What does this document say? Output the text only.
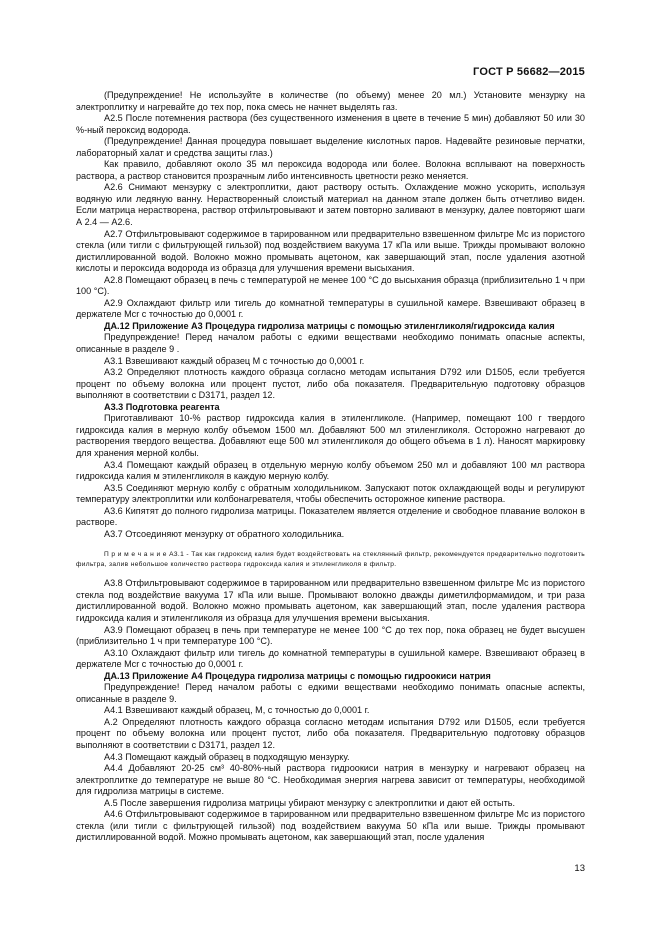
ГОСТ Р 56682—2015

(Предупреждение! Не используйте в количестве (по объему) менее 20 мл.) Установите мензурку на электроплитку и нагревайте до тех пор, пока смесь не начнет выделять газ.

А2.5 После потемнения раствора (без существенного изменения в цвете в течение 5 мин) добавляют 50 или 30 %-ный пероксид водорода.

(Предупреждение! Данная процедура повышает выделение кислотных паров. Надевайте резиновые перчатки, лабораторный халат и средства защиты глаз.)

Как правило, добавляют около 35 мл пероксида водорода или более. Волокна всплывают на поверхность раствора, а раствор становится прозрачным либо интенсивность цветности резко меняется.

А2.6 Снимают мензурку с электроплитки, дают раствору остыть. Охлаждение можно ускорить, используя водяную или ледяную ванну. Нерастворенный слоистый материал на данном этапе должен быть отчетливо виден. Если матрица нерастворена, раствор отфильтровывают и затем повторно заливают в мензурку, далее повторяют шаги А 2.4 — А2.6.

А2.7 Отфильтровывают содержимое в тарированном или предварительно взвешенном фильтре Mс из пористого стекла (или тигли с фильтрующей гильзой) под воздействием вакуума 17 кПа или выше. Трижды промывают волокно дистиллированной водой. Волокно можно промывать ацетоном, как завершающий этап, после удаления азотной кислоты и пероксида водорода из образца для улучшения времени высыхания.

А2.8 Помещают образец в печь с температурой не менее 100 °С до высыхания образца (приблизительно 1 ч при 100 °С).

А2.9 Охлаждают фильтр или тигель до комнатной температуры в сушильной камере. Взвешивают образец в держателе Mcr с точностью до 0,0001 г.

ДА.12 Приложение А3 Процедура гидролиза матрицы с помощью этиленгликоля/гидроксида калия

Предупреждение! Перед началом работы с едкими веществами необходимо понимать опасные аспекты, описанные в разделе 9 .

А3.1 Взвешивают каждый образец М с точностью до 0,0001 г.

А3.2 Определяют плотность каждого образца согласно методам испытания D792 или D1505, если требуется процент по объему волокна или процент пустот, либо оба показателя. Предварительную подготовку образцов выполняют в соответствии с D3171, раздел 12.

А3.3 Подготовка реагента

Приготавливают 10-% раствор гидроксида калия в этиленгликоле. (Например, помещают 100 г твердого гидроксида калия в мерную колбу объемом 1500 мл. Добавляют 500 мл этиленгликоля. Осторожно нагревают до растворения твердого вещества. Добавляют еще 500 мл этиленгликоля до общего объема в 1 л). Наносят маркировку для хранения мерной колбы.

А3.4 Помещают каждый образец в отдельную мерную колбу объемом 250 мл и добавляют 100 мл раствора гидроксида калия м этиленгликоля в каждую мерную колбу.

А3.5 Соединяют мерную колбу с обратным холодильником. Запускают поток охлаждающей воды и регулируют температуру электроплитки или колбонагревателя, чтобы обеспечить осторожное кипение раствора.

А3.6 Кипятят до полного гидролиза матрицы. Показателем является отделение и свободное плавание волокон в растворе.

А3.7 Отсоединяют мензурку от обратного холодильника.

П р и м е ч а н и е А3.1 - Так как гидроксид калия будет воздействовать на стеклянный фильтр, рекомендуется предварительно подготовить фильтра, залив небольшое количество раствора гидроксида калия и этиленгликоля в фильтр.

А3.8 Отфильтровывают содержимое в тарированном или предварительно взвешенном фильтре Mс из пористого стекла под воздействие вакуума 17 кПа или выше. Промывают волокно дважды диметилформамидом, и три раза дистиллированной водой. Волокно можно промывать ацетоном, как завершающий этап, после удаления раствора гидроксида калия и этиленгликоля из образца для улучшения времени высыхания.

А3.9 Помещают образец в печь при температуре не менее 100 °С до тех пор, пока образец не будет высушен (приблизительно 1 ч при температуре 100 °С).

А3.10 Охлаждают фильтр или тигель до комнатной температуры в сушильной камере. Взвешивают образец в держателе Mcr с точностью до 0,0001 г.

ДА.13 Приложение А4 Процедура гидролиза матрицы с помощью гидроокиси натрия

Предупреждение! Перед началом работы с едкими веществами необходимо понимать опасные аспекты, описанные в разделе 9.

А4.1 Взвешивают каждый образец, М, с точностью до 0,0001 г.

А.2 Определяют плотность каждого образца согласно методам испытания D792 или D1505, если требуется процент по объему волокна или процент пустот, либо оба показателя. Предварительную подготовку образцов выполняют в соответствии с D3171, раздел 12.

А4.3 Помещают каждый образец в подходящую мензурку.

А4.4 Добавляют 20-25 см³ 40-80%-ный раствора гидроокиси натрия в мензурку и нагревают образец на электроплитке до температуре не выше 80 °С. Необходимая энергия нагрева зависит от температуры, необходимой для гидролиза матрицы в системе.

А.5 После завершения гидролиза матрицы убирают мензурку с электроплитки и дают ей остыть.

А4.6 Отфильтровывают содержимое в тарированном или предварительно взвешенном фильтре Mс из пористого стекла (или тигли с фильтрующей гильзой) под воздействием вакуума 50 кПа или выше. Трижды промывают дистиллированной водой. Можно промывать ацетоном, как завершающий этап, после удаления

13
